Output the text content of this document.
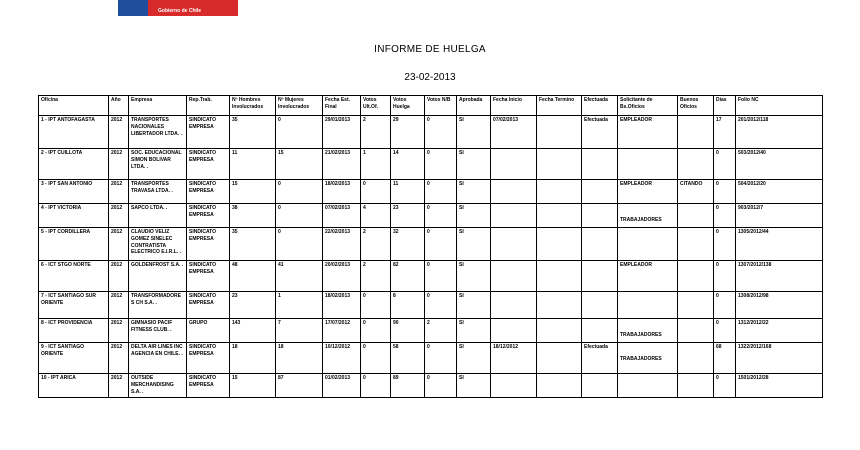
Gobierno de Chile
INFORME DE HUELGA
23-02-2013
Oficina	Año	Empresa	Rep.Trab.	Nº Hombres Involucrados	Nº Mujeres Involucrados	Fecha Est. Final	Votos Ult.Of.	Votos Huelga	Votos N/B	Aprobada	Fecha Inicio	Fecha Termino	Efectuada	Solicitante de Bs.Oficios	Buenos Oficios	Días	Folio NC
1 - IPT ANTOFAGASTA	2012	TRANSPORTES NACIONALES LIBERTADOR LTDA. .	SINDICATO EMPRESA	35	0	29/01/2013	2	29	0	SI	07/02/2013		Efectuada	EMPLEADOR		17	201/2012/118
2 - IPT CUILLOTA	2012	SOC. EDUCACIONAL SIMON BOLIVAR LTDA. .	SINDICATO EMPRESA	11	15	21/02/2013	1	14	0	SI						0	503/2012/40
3 - IPT SAN ANTONIO	2012	TRANSPORTES TRAVASA LTDA. .	SINDICATO EMPRESA	15	0	18/02/2013	0	11	0	SI				EMPLEADOR	CITANDO	0	504/2012/20
4 - IPT VICTORIA	2012	SAPCO LTDA. .	SINDICATO EMPRESA	38	0	07/02/2013	4	23	0	SI				TRABAJADORES		0	903/2012/7
5 - IPT CORDILLERA	2012	CLAUDIO VELIZ GOMEZ SINELEC CONTRATISTA ELECTRICO E.I.R.L. .	SINDICATO EMPRESA	35	0	22/02/2013	2	32	0	SI						0	1305/2012/44
6 - ICT STGO NORTE	2012	GOLDENFROST S.A. .	SINDICATO EMPRESA	48	41	20/02/2013	2	82	0	SI				EMPLEADOR		0	1307/2012/138
7 - ICT SANTIAGO SUR ORIENTE	2012	TRANSFORMADORES CH S.A. .	SINDICATO EMPRESA	23	1	18/02/2013	0	8	0	SI						0	1308/2012/98
8 - ICT PROVIDENCIA	2012	GIMNASIO PACIF FITNESS CLUB. .	GRUPO	143	7	17/07/2012	0	90	2	SI				TRABAJADORES		0	1312/2012/22
9 - ICT SANTIAGO ORIENTE	2012	DELTA AIR LINES INC AGENCIA EN CHILE. .	SINDICATO EMPRESA	18	18	10/12/2012	0	58	0	SI	18/12/2012		Efectuada	TRABAJADORES		68	1322/2012/168
10 - IPT ARICA	2012	OUTSIDE MERCHANDISING S.A. .	SINDICATO EMPRESA	15	87	01/02/2013	0	89	0	SI						0	1501/2012/28
